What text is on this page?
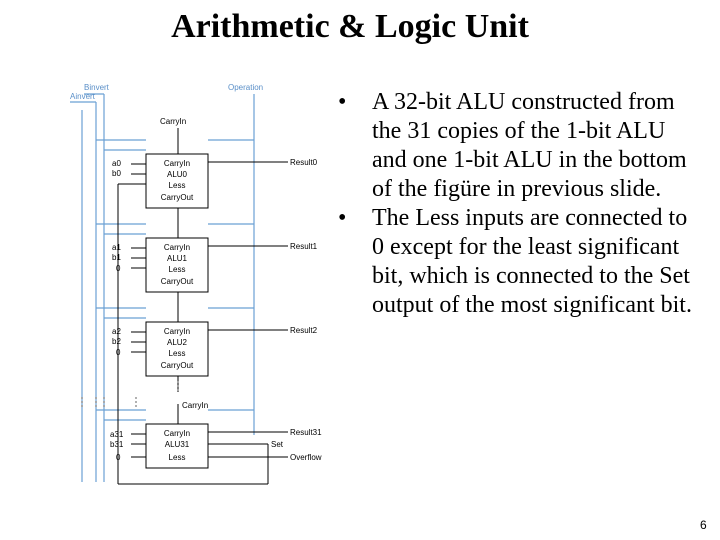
Arithmetic & Logic Unit
Binvert
Ainvert
Operation
CarryIn
a0
b0
CarryIn
ALU0
Less
CarryOut
Result0
a1
b1
0
CarryIn
ALU1
Less
CarryOut
Result1
a2
b2
0
CarryIn
ALU2
Less
CarryOut
Result2
CarryIn
a31
b31
0
CarryIn
ALU31
Less
Result31
Set
Overflow
• A 32-bit ALU constructed from the 31 copies of the 1-bit ALU and one 1-bit ALU in the bottom of the figüre in previous slide.
• The Less inputs are connected to 0 except for the least significant bit, which is connected to the Set output of the most significant bit.
6
